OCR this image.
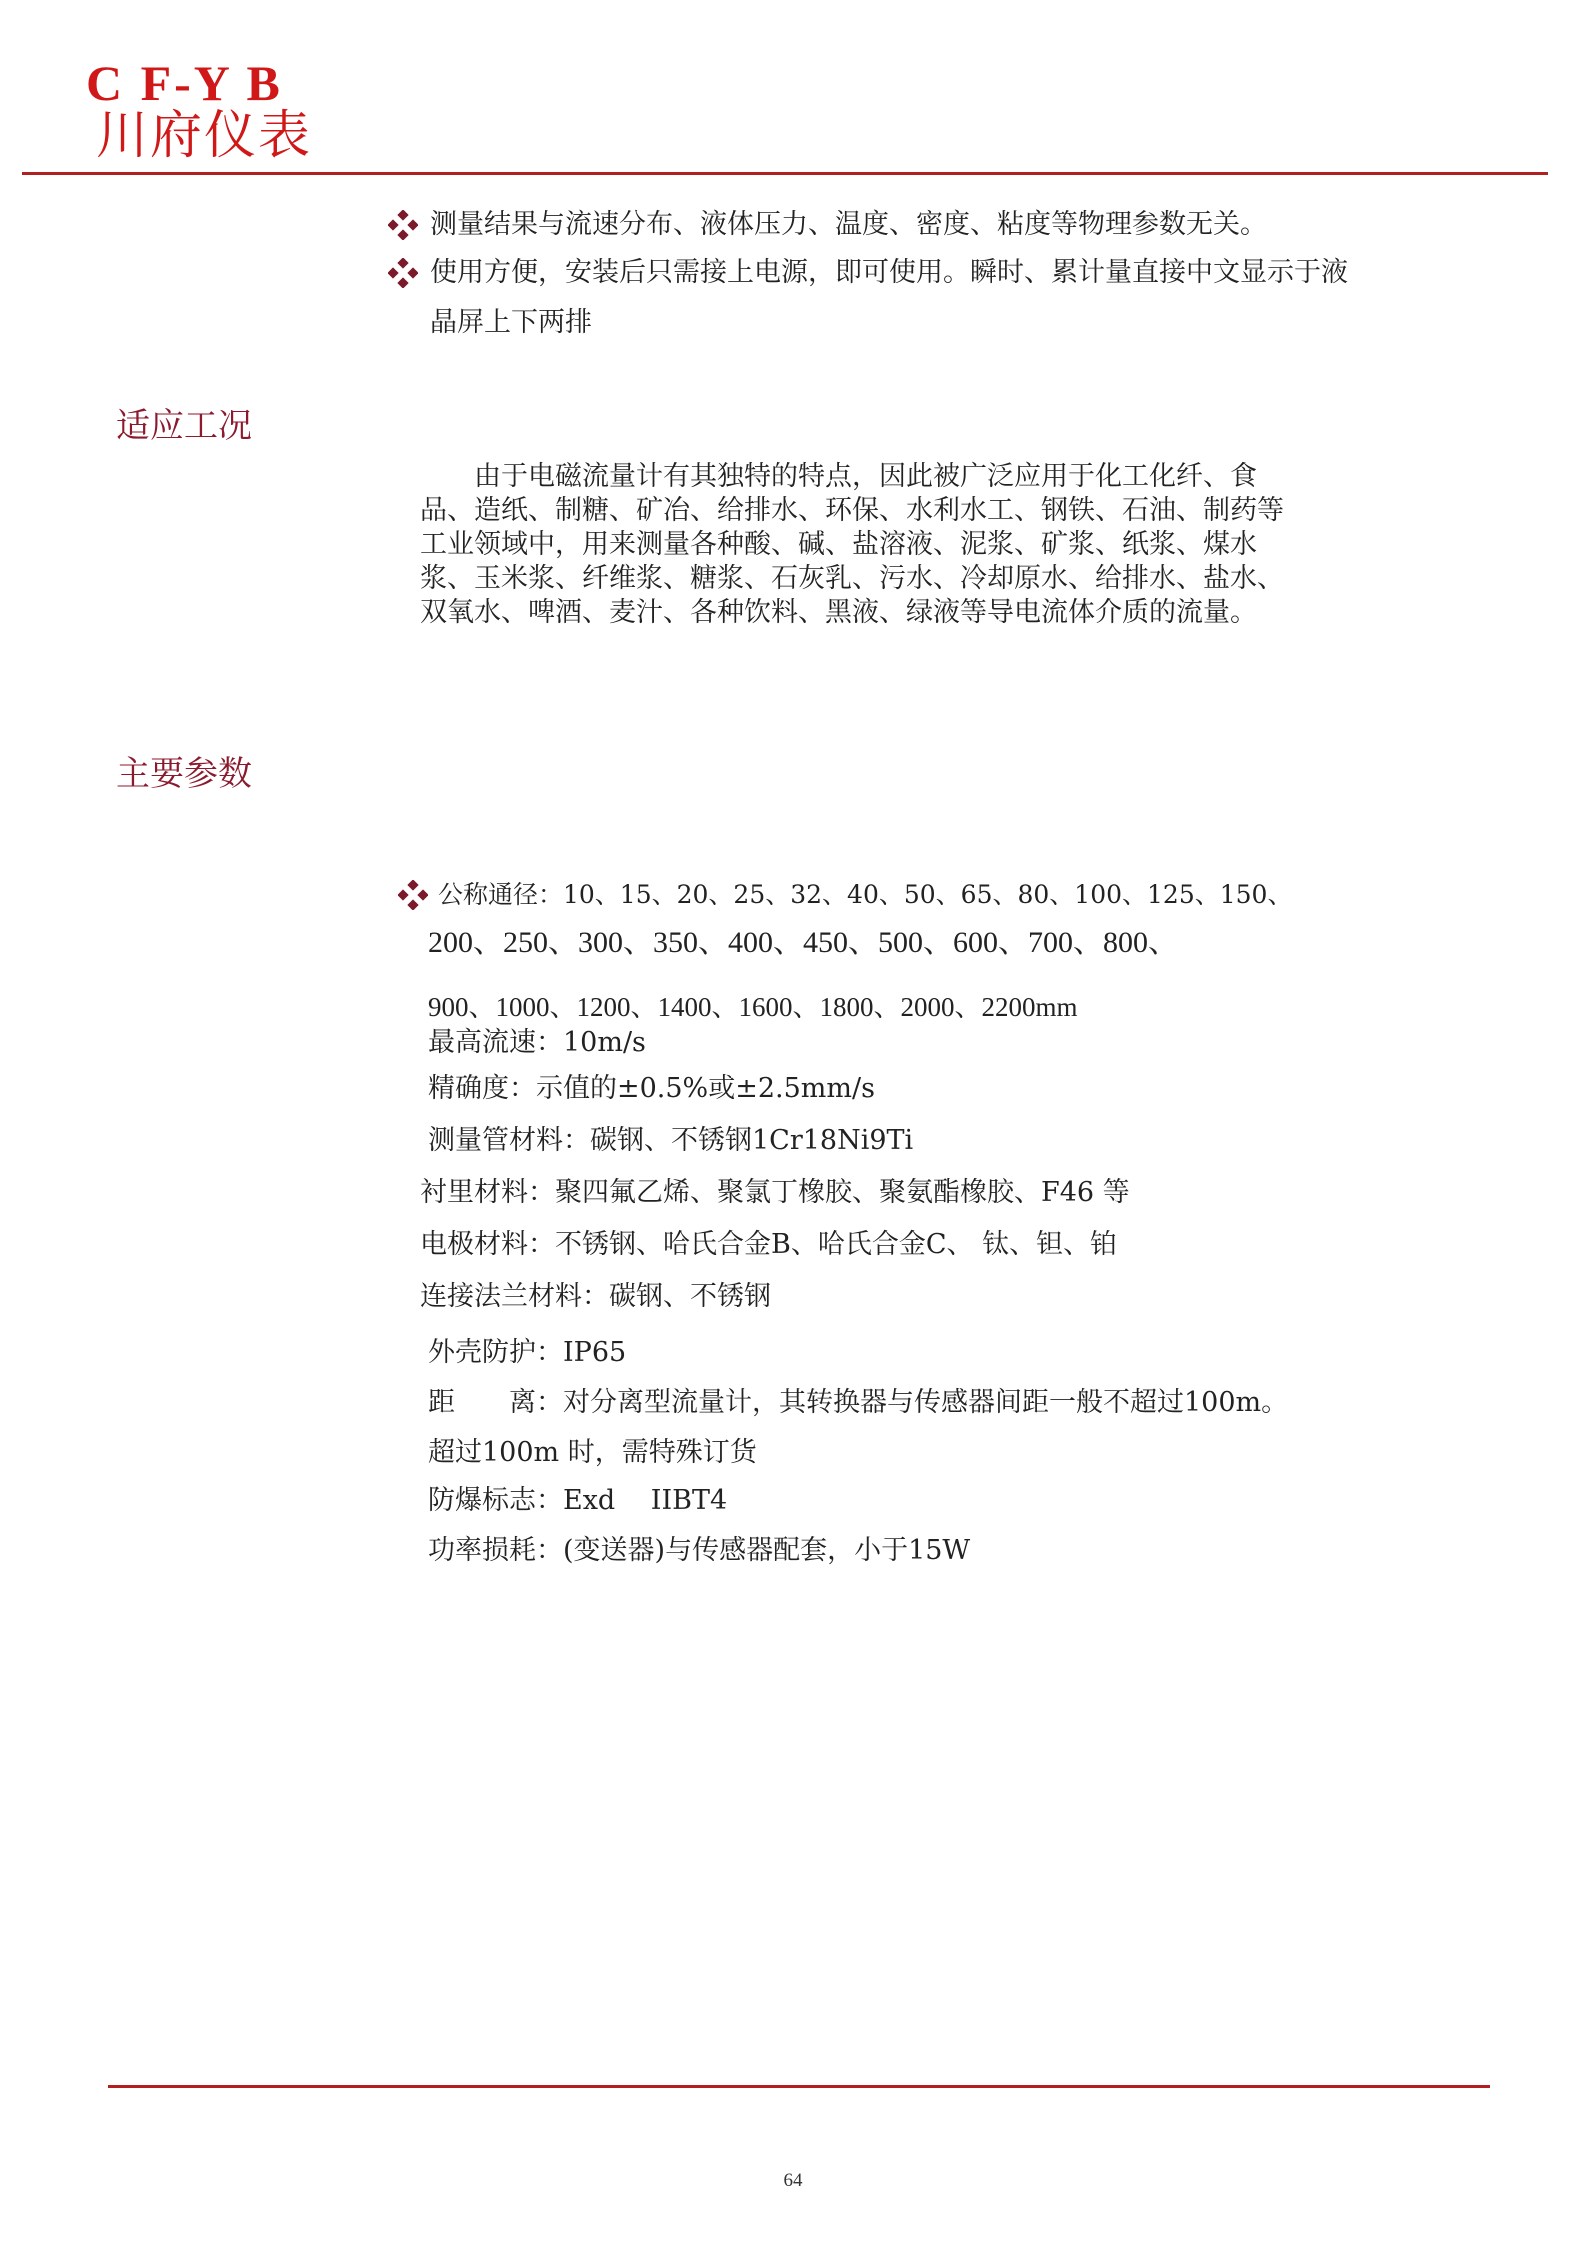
C F-Y B
川府仪表
测量结果与流速分布、液体压力、温度、密度、粘度等物理参数无关。
使用方便，安装后只需接上电源，即可使用。瞬时、累计量直接中文显示于液
晶屏上下两排
适应工况
由于电磁流量计有其独特的特点，因此被广泛应用于化工化纤、食
品、造纸、制糖、矿冶、给排水、环保、水利水工、钢铁、石油、制药等
工业领域中，用来测量各种酸、碱、盐溶液、泥浆、矿浆、纸浆、煤水
浆、玉米浆、纤维浆、糖浆、石灰乳、污水、冷却原水、给排水、盐水、
双氧水、啤酒、麦汁、各种饮料、黑液、绿液等导电流体介质的流量。
主要参数
公称通径：10、15、20、25、32、40、50、65、80、100、125、150、
200、250、300、350、400、450、500、600、700、800、
900、1000、1200、1400、1600、1800、2000、2200mm
最高流速：10m/s
精确度：示值的±0.5%或±2.5mm/s
测量管材料：碳钢、不锈钢1Cr18Ni9Ti
衬里材料：聚四氟乙烯、聚氯丁橡胶、聚氨酯橡胶、F46 等
电极材料：不锈钢、哈氏合金B、哈氏合金C、 钛、钽、铂
连接法兰材料：碳钢、不锈钢
外壳防护：IP65
距　　离：对分离型流量计，其转换器与传感器间距一般不超过100m。
超过100m 时，需特殊订货
防爆标志：Exd　 IIBT4
功率损耗：(变送器)与传感器配套，小于15W
64
